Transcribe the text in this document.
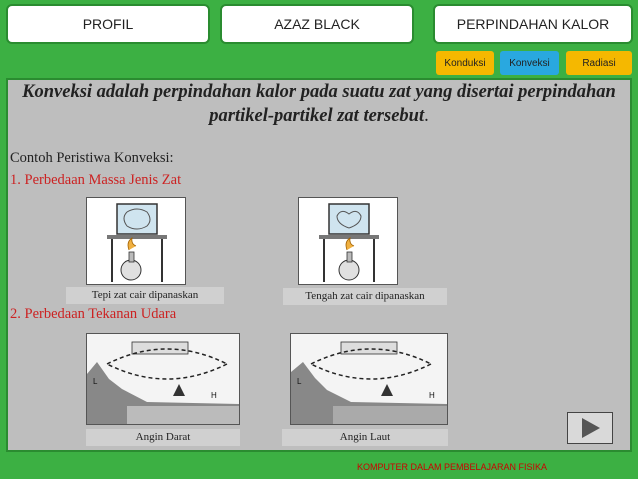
PROFIL	AZAZ BLACK	PERPINDAHAN KALOR
Konduksi	Konveksi	Radiasi
Konveksi adalah perpindahan kalor pada suatu zat yang disertai perpindahan partikel-partikel zat tersebut.
Contoh Peristiwa Konveksi:
1. Perbedaan Massa Jenis Zat
Tepi zat cair dipanaskan	Tengah zat cair dipanaskan
2. Perbedaan Tekanan Udara
L
H
Angin Darat
L
H
Angin Laut
KOMPUTER DALAM PEMBELAJARAN FISIKA
